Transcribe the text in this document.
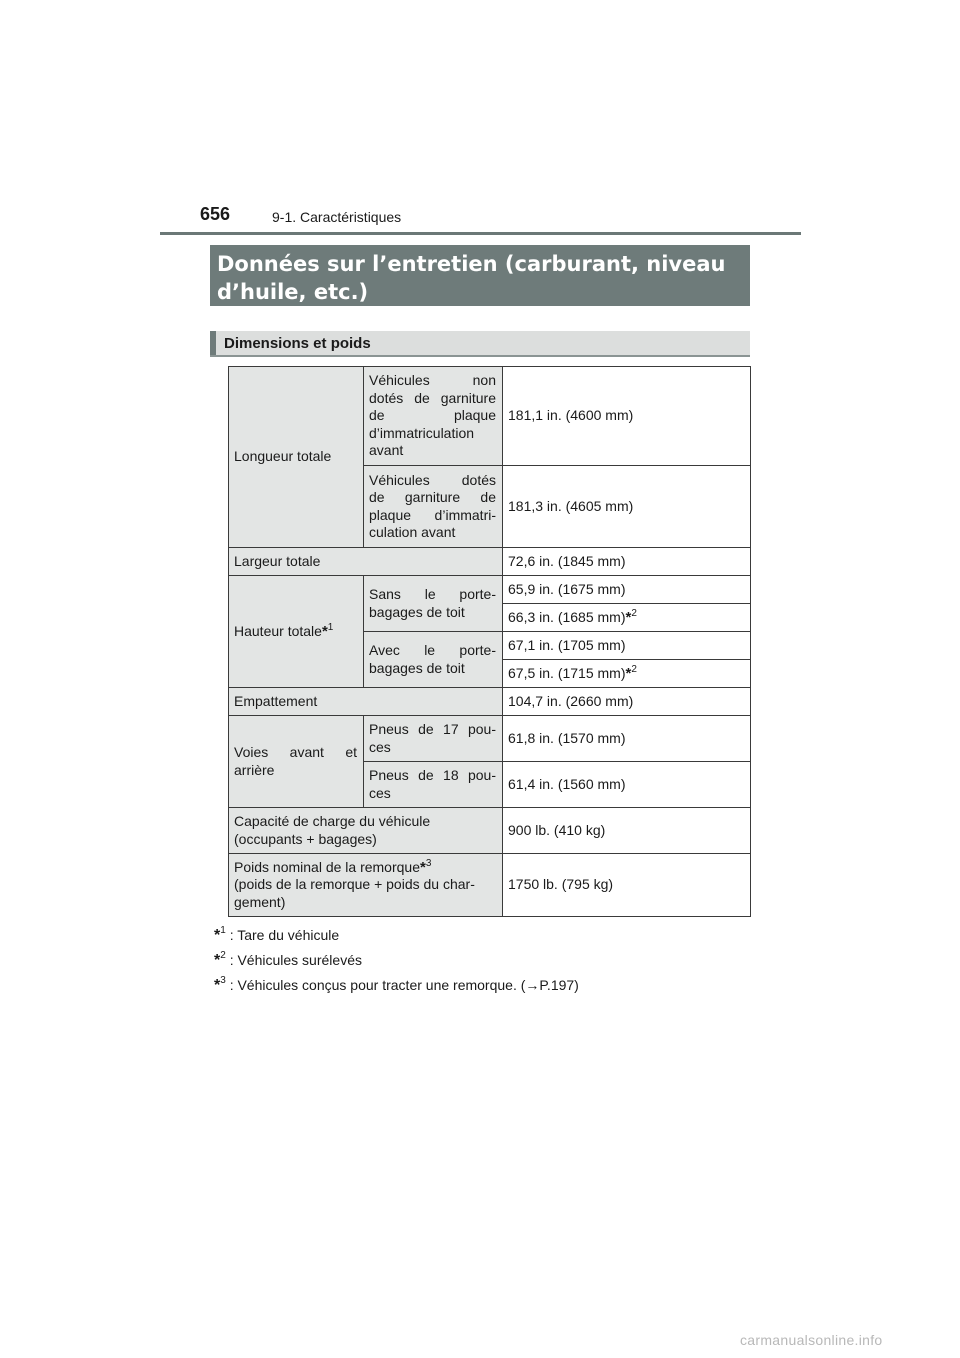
656	9-1. Caractéristiques
Données sur l’entretien (carburant, niveau d’huile, etc.)
Dimensions et poids
Longueur totale	Véhicules non
dotés de garniture
de plaque

d’immatriculation
avant	181,1 in. (4600 mm)
	Véhicules dotés
de garniture de
plaque d’immatri-

culation avant	181,3 in. (4605 mm)
Largeur totale		72,6 in. (1845 mm)
Hauteur totale*$^1$	Sans le porte-

bagages de toit	65,9 in. (1675 mm)
		66,3 in. (1685 mm)*$^2$
	Avec le porte-

bagages de toit	67,1 in. (1705 mm)
		67,5 in. (1715 mm)*$^2$
Empattement		104,7 in. (2660 mm)
Voies avant et

arrière	Pneus de 17 pou-

ces	61,8 in. (1570 mm)
	Pneus de 18 pou-

ces	61,4 in. (1560 mm)
Capacité de charge du véhicule
(occupants + bagages)		900 lb. (410 kg)
Poids nominal de la remorque*$^3$
(poids de la remorque + poids du char-
gement)		1750 lb. (795 kg)
*$^1$ : Tare du véhicule
*$^2$ : Véhicules surélevés
*$^3$ : Véhicules conçus pour tracter une remorque. (→P.197)
carmanualsonline.info
